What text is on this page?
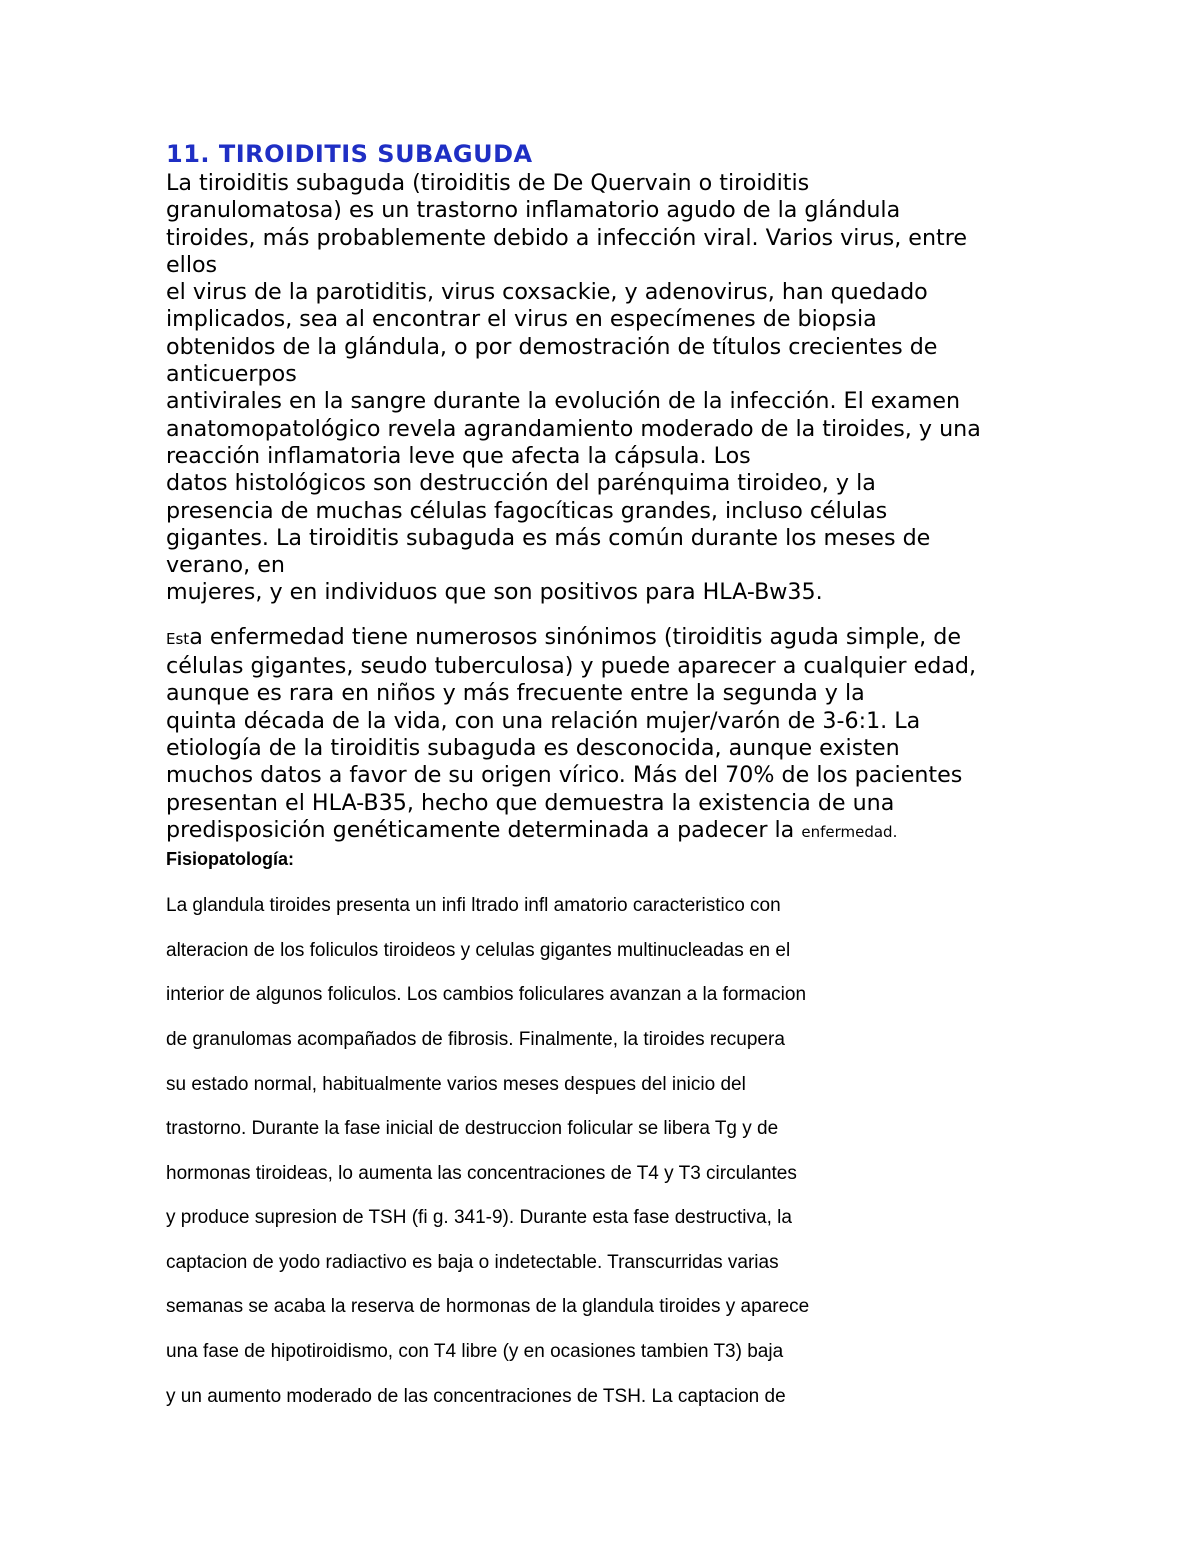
11. TIROIDITIS SUBAGUDA
La tiroiditis subaguda (tiroiditis de De Quervain o tiroiditis
granulomatosa) es un trastorno inflamatorio agudo de la glándula
tiroides, más probablemente debido a infección viral. Varios virus, entre
ellos
el virus de la parotiditis, virus coxsackie, y adenovirus, han quedado
implicados, sea al encontrar el virus en especímenes de biopsia
obtenidos de la glándula, o por demostración de títulos crecientes de
anticuerpos
antivirales en la sangre durante la evolución de la infección. El examen
anatomopatológico revela agrandamiento moderado de la tiroides, y una
reacción inflamatoria leve que afecta la cápsula. Los
datos histológicos son destrucción del parénquima tiroideo, y la
presencia de muchas células fagocíticas grandes, incluso células
gigantes. La tiroiditis subaguda es más común durante los meses de
verano, en
mujeres, y en individuos que son positivos para HLA-Bw35.
Esta enfermedad tiene numerosos sinónimos (tiroiditis aguda simple, de
células gigantes, seudo tuberculosa) y puede aparecer a cualquier edad,
aunque es rara en niños y más frecuente entre la segunda y la
quinta década de la vida, con una relación mujer/varón de 3-6:1. La
etiología de la tiroiditis subaguda es desconocida, aunque existen
muchos datos a favor de su origen vírico. Más del 70% de los pacientes
presentan el HLA-B35, hecho que demuestra la existencia de una
predisposición genéticamente determinada a padecer la enfermedad.
Fisiopatología:
La glandula tiroides presenta un infi ltrado infl amatorio caracteristico con
alteracion de los foliculos tiroideos y celulas gigantes multinucleadas en el
interior de algunos foliculos. Los cambios foliculares avanzan a la formacion
de granulomas acompañados de fibrosis. Finalmente, la tiroides recupera
su estado normal, habitualmente varios meses despues del inicio del
trastorno. Durante la fase inicial de destruccion folicular se libera Tg y de
hormonas tiroideas, lo aumenta las concentraciones de T4 y T3 circulantes
y produce supresion de TSH (fi g. 341-9). Durante esta fase destructiva, la
captacion de yodo radiactivo es baja o indetectable. Transcurridas varias
semanas se acaba la reserva de hormonas de la glandula tiroides y aparece
una fase de hipotiroidismo, con T4 libre (y en ocasiones tambien T3) baja
y un aumento moderado de las concentraciones de TSH. La captacion de
